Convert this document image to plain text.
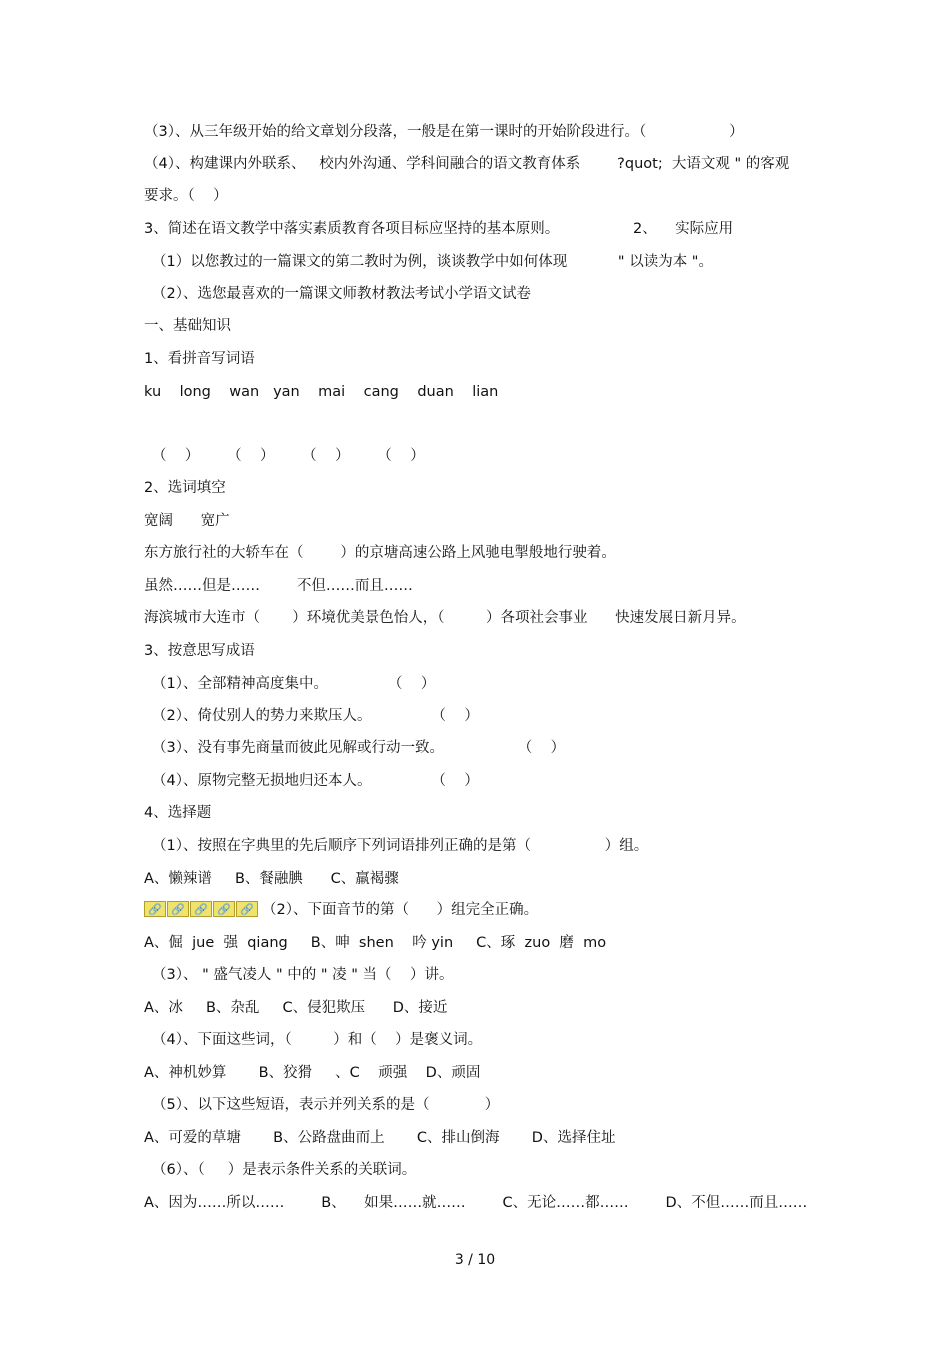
（3）、从三年级开始的给文章划分段落，一般是在第一课时的开始阶段进行。（                  ）
（4）、构建课内外联系、   校内外沟通、学科间融合的语文教育体系        ?quot;  大语文观 " 的客观
要求。（    ）
3、简述在语文教学中落实素质教育各项目标应坚持的基本原则。                2、    实际应用
（1）以您教过的一篇课文的第二教时为例，谈谈教学中如何体现           " 以读为本 "。
（2）、选您最喜欢的一篇课文师教材教法考试小学语文试卷
一、基础知识
1、看拼音写词语
ku    long    wan   yan    mai    cang    duan    lian
（    ）      （    ）      （    ）      （    ）
2、选词填空
宽阔      宽广
东方旅行社的大轿车在（        ）的京塘高速公路上风驰电掣般地行驶着。
虽然……但是……        不但……而且……
海滨城市大连市（       ）环境优美景色怡人，（         ）各项社会事业      快速发展日新月异。
3、按意思写成语
（1）、全部精神高度集中。             （    ）
（2）、倚仗别人的势力来欺压人。             （    ）
（3）、没有事先商量而彼此见解或行动一致。                （    ）
（4）、原物完整无损地归还本人。             （    ）
4、选择题
（1）、按照在字典里的先后顺序下列词语排列正确的是第（                ）组。
A、懒辣谱     B、餐融腆      C、羸褐骤
🔗 🔗 🔗 🔗 🔗 （2）、下面音节的第（      ）组完全正确。
A、倔  jue  强  qiang     B、呻  shen    吟 yin     C、琢  zuo  磨  mo
（3）、 " 盛气凌人 " 中的 " 凌 " 当（    ）讲。
A、冰     B、杂乱     C、侵犯欺压      D、接近
（4）、下面这些词，（         ）和（    ）是褒义词。
A、神机妙算       B、狡猾     、C    顽强    D、顽固
（5）、以下这些短语，表示并列关系的是（            ）
A、可爱的草塘       B、公路盘曲而上       C、排山倒海       D、选择住址
（6）、（     ）是表示条件关系的关联词。
A、因为……所以……        B、    如果……就……        C、无论……都……        D、不但……而且……
3 / 10
